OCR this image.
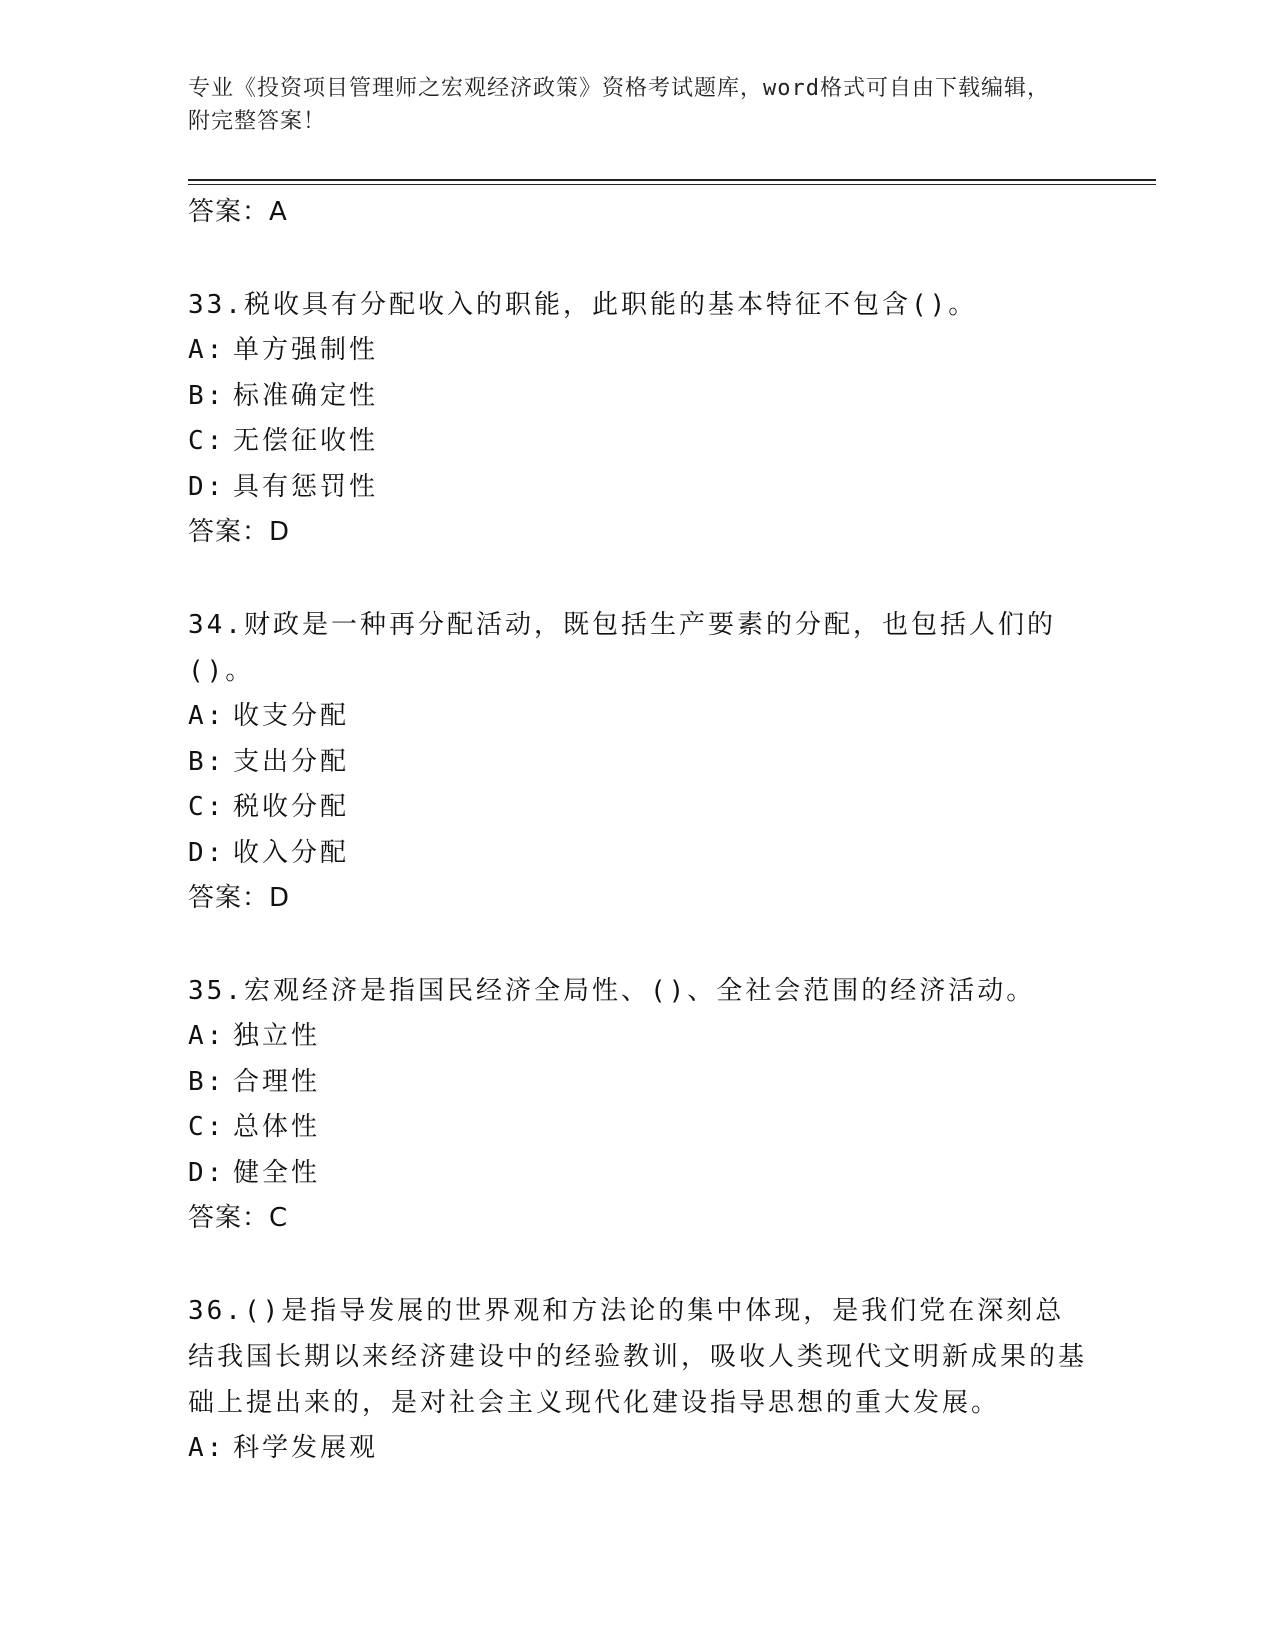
专业《投资项目管理师之宏观经济政策》资格考试题库，word格式可自由下载编辑，附完整答案！
答案：A
33.税收具有分配收入的职能，此职能的基本特征不包含()。
A: 单方强制性
B: 标准确定性
C: 无偿征收性
D: 具有惩罚性
答案：D
34.财政是一种再分配活动，既包括生产要素的分配，也包括人们的()。
A: 收支分配
B: 支出分配
C: 税收分配
D: 收入分配
答案：D
35.宏观经济是指国民经济全局性、()、全社会范围的经济活动。
A: 独立性
B: 合理性
C: 总体性
D: 健全性
答案：C
36.()是指导发展的世界观和方法论的集中体现，是我们党在深刻总结我国长期以来经济建设中的经验教训，吸收人类现代文明新成果的基础上提出来的，是对社会主义现代化建设指导思想的重大发展。
A: 科学发展观
